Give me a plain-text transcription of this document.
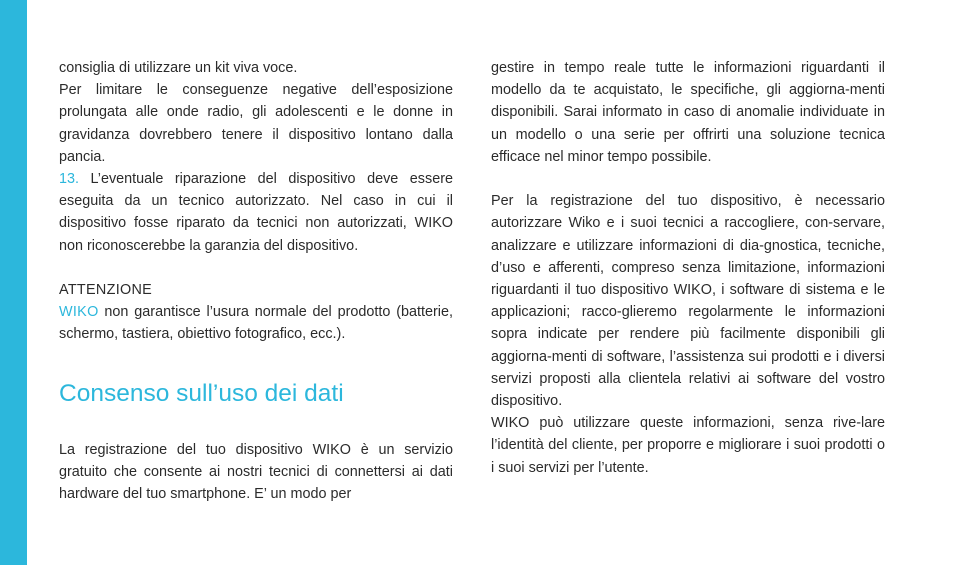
consiglia di utilizzare un kit viva voce.

Per limitare le conseguenze negative dell’esposizione prolungata alle onde radio, gli adolescenti e le donne in gravidanza dovrebbero tenere il dispositivo lontano dalla pancia.

13. L’eventuale riparazione del dispositivo deve essere eseguita da un tecnico autorizzato. Nel caso in cui il dispositivo fosse riparato da tecnici non autorizzati, WIKO non riconoscerebbe la garanzia del dispositivo.

ATTENZIONE

WIKO non garantisce l’usura normale del prodotto (batterie, schermo, tastiera, obiettivo fotografico, ecc.).

Consenso sull’uso dei dati

La registrazione del tuo dispositivo WIKO è un servizio gratuito che consente ai nostri tecnici di connettersi ai dati hardware del tuo smartphone. E’ un modo per

gestire in tempo reale tutte le informazioni riguardanti il modello da te acquistato, le specifiche, gli aggiorna-menti disponibili. Sarai informato in caso di anomalie individuate in un modello o una serie per offrirti una soluzione tecnica efficace nel minor tempo possibile.

Per la registrazione del tuo dispositivo, è necessario autorizzare Wiko e i suoi tecnici a raccogliere, con-servare, analizzare e utilizzare informazioni di dia-gnostica, tecniche, d’uso e afferenti, compreso senza limitazione, informazioni riguardanti il tuo dispositivo WIKO, i software di sistema e le applicazioni; racco-glieremo regolarmente le informazioni sopra indicate per rendere più facilmente disponibili gli aggiorna-menti di software, l’assistenza sui prodotti e i diversi servizi proposti alla clientela relativi ai software del vostro dispositivo.

WIKO può utilizzare queste informazioni, senza rive-lare l’identità del cliente, per proporre e migliorare i suoi prodotti o i suoi servizi per l’utente.
